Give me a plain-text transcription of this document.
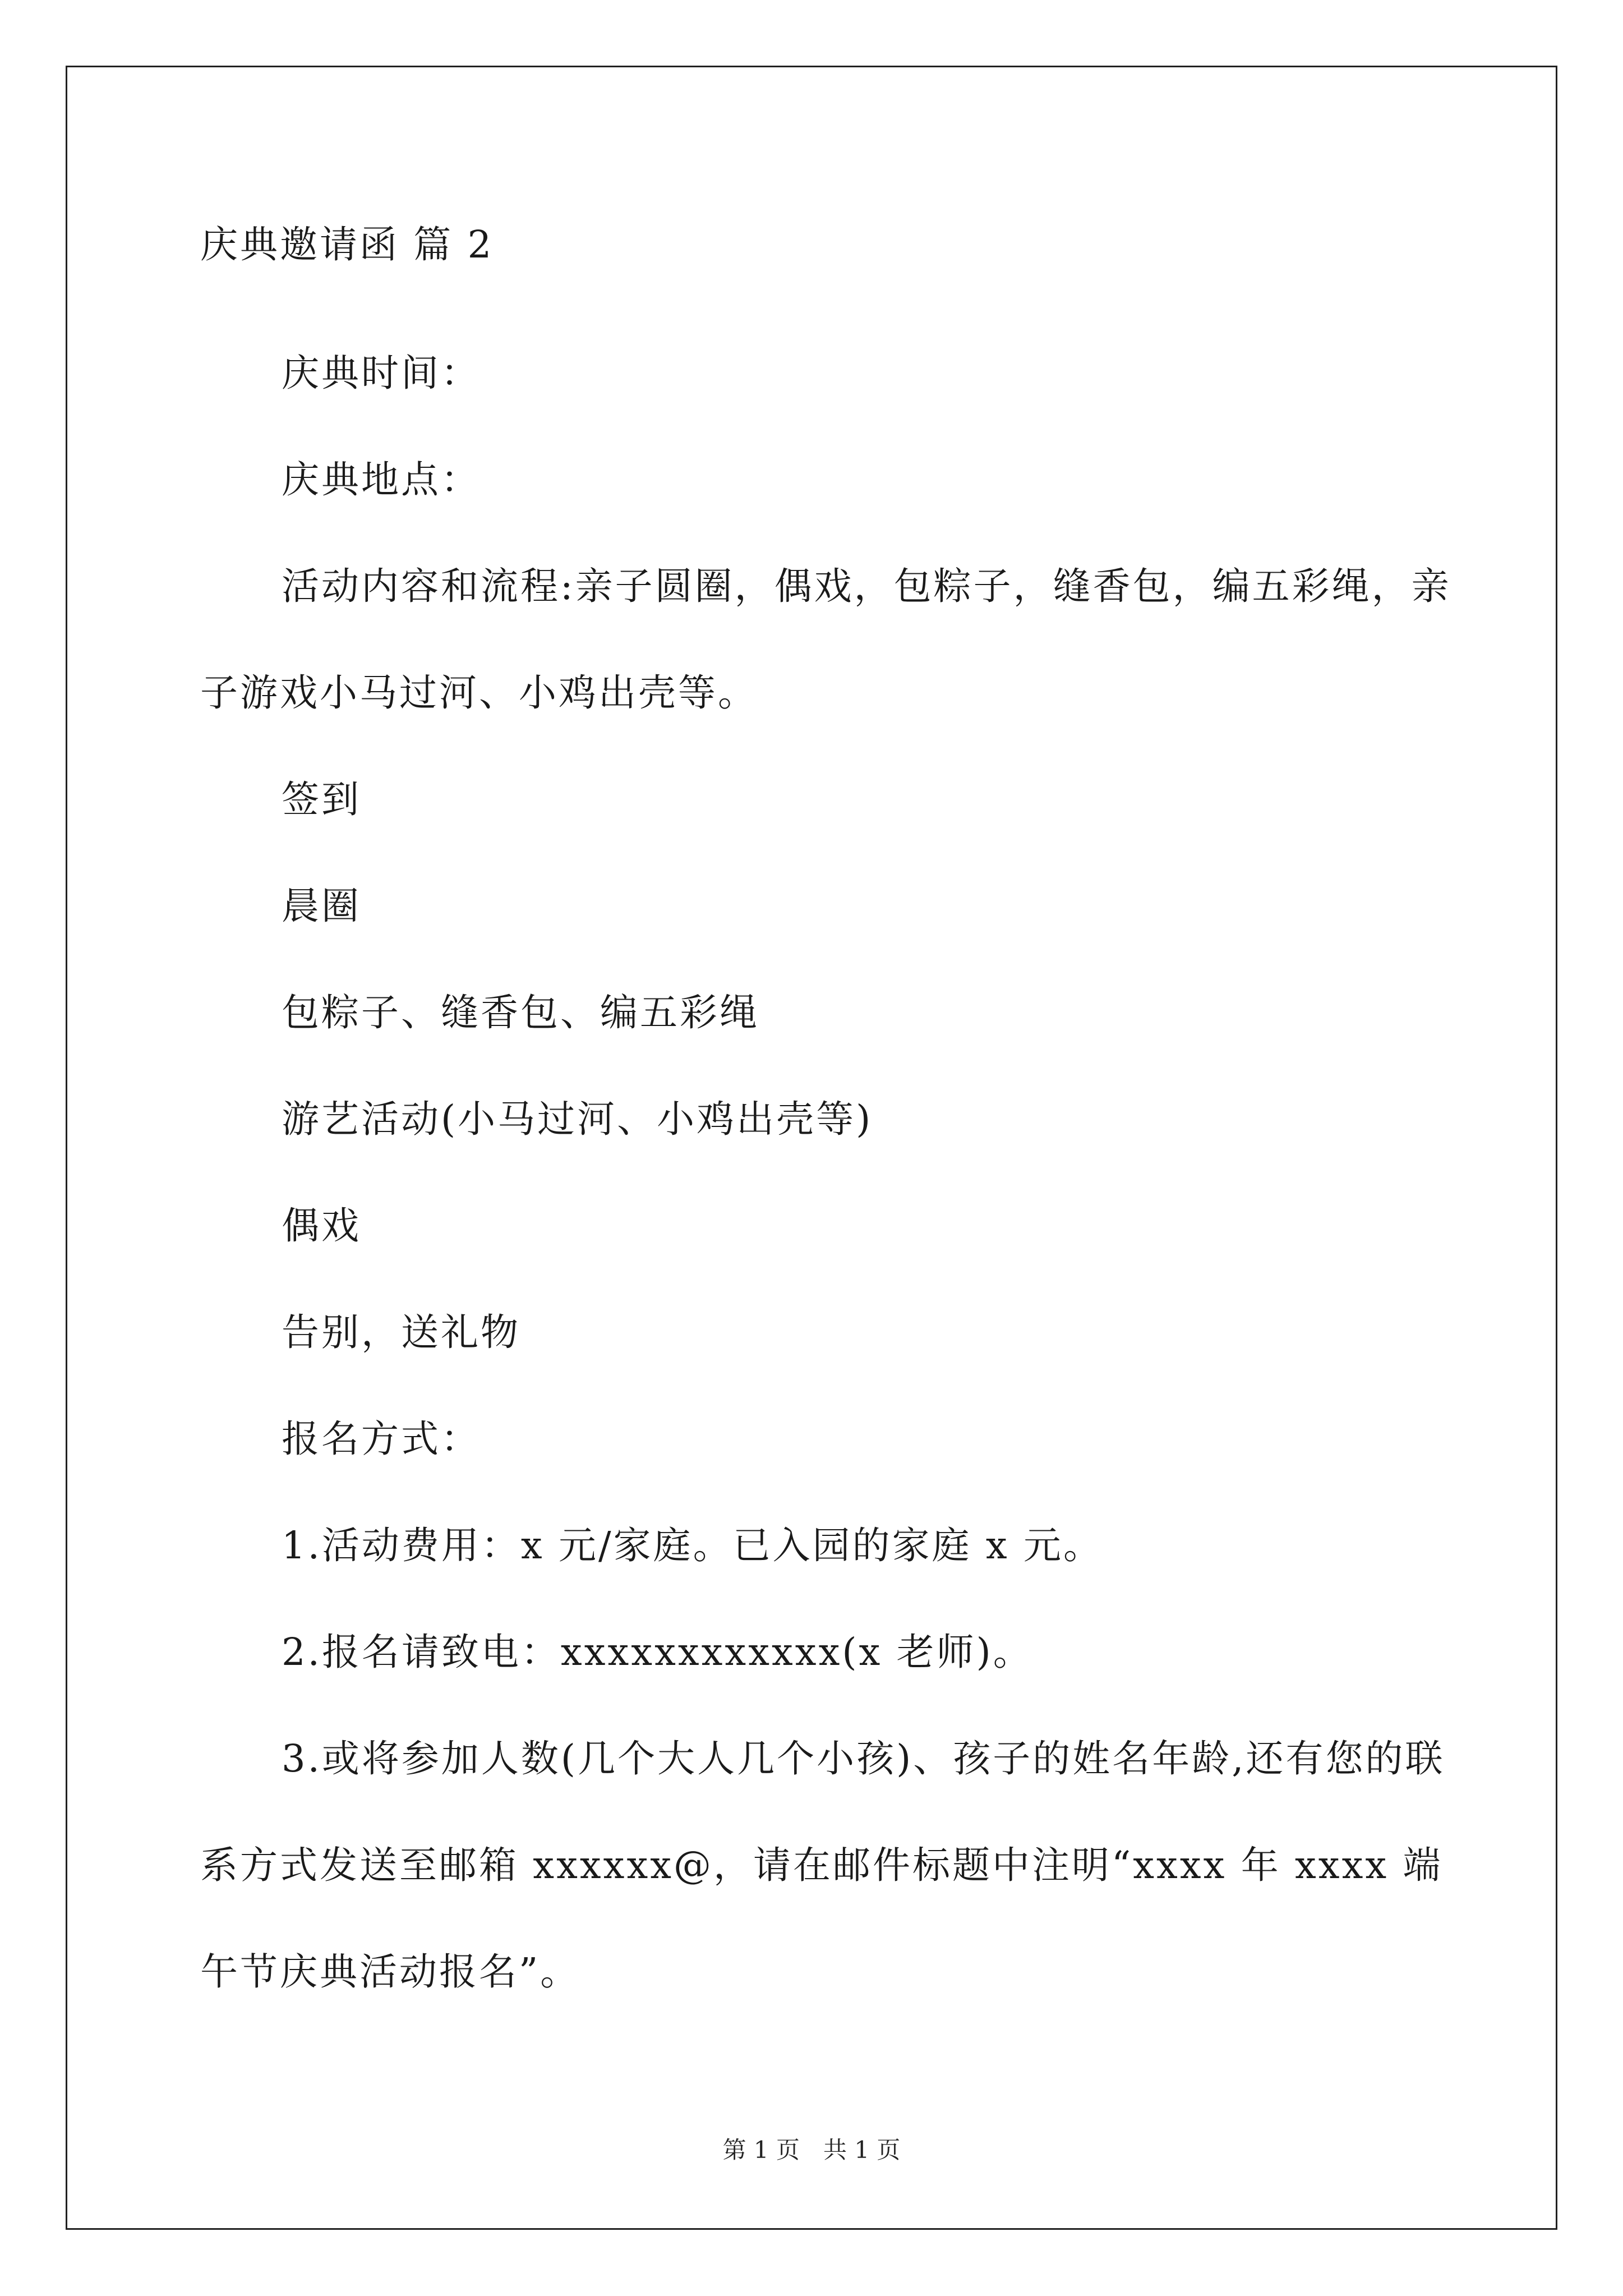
庆典邀请函 篇 2

庆典时间：

庆典地点：

活动内容和流程:亲子圆圈，偶戏，包粽子，缝香包，编五彩绳，亲子游戏小马过河、小鸡出壳等。

签到

晨圈

包粽子、缝香包、编五彩绳

游艺活动(小马过河、小鸡出壳等)

偶戏

告别，送礼物

报名方式：

1.活动费用：x 元/家庭。已入园的家庭 x 元。

2.报名请致电：xxxxxxxxxxxx(x 老师)。

3.或将参加人数(几个大人几个小孩)、孩子的姓名年龄,还有您的联系方式发送至邮箱 xxxxxx@，请在邮件标题中注明“xxxx 年 xxxx 端午节庆典活动报名”。

第 1 页　共 1 页
